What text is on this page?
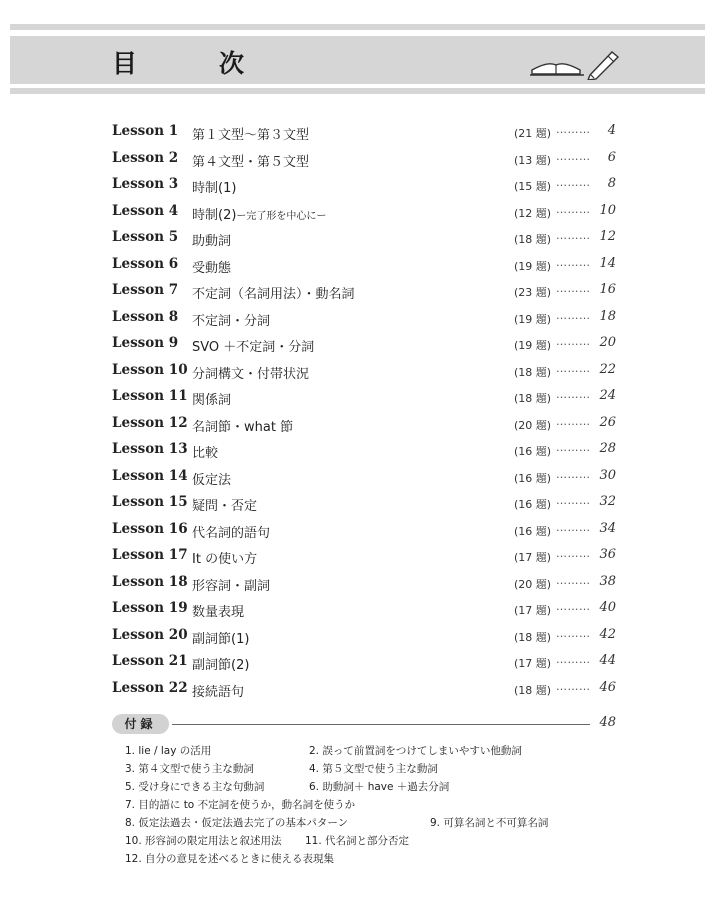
目	次
Lesson 1 第１文型～第３文型	(21 題) ……… 4
Lesson 2 第４文型・第５文型	(13 題) ……… 6
Lesson 3 時制(1)	(15 題) ……… 8
Lesson 4 時制(2)ー完了形を中心にー	(12 題) ……… 10
Lesson 5 助動詞	(18 題) ……… 12
Lesson 6 受動態	(19 題) ……… 14
Lesson 7 不定詞（名詞用法）・動名詞	(23 題) ……… 16
Lesson 8 不定詞・分詞	(19 題) ……… 18
Lesson 9 SVO ＋不定詞・分詞	(19 題) ……… 20
Lesson 10 分詞構文・付帯状況	(18 題) ……… 22
Lesson 11 関係詞	(18 題) ……… 24
Lesson 12 名詞節・what 節	(20 題) ……… 26
Lesson 13 比較	(16 題) ……… 28
Lesson 14 仮定法	(16 題) ……… 30
Lesson 15 疑問・否定	(16 題) ……… 32
Lesson 16 代名詞的語句	(16 題) ……… 34
Lesson 17 It の使い方	(17 題) ……… 36
Lesson 18 形容詞・副詞	(20 題) ……… 38
Lesson 19 数量表現	(17 題) ……… 40
Lesson 20 副詞節(1)	(18 題) ……… 42
Lesson 21 副詞節(2)	(17 題) ……… 44
Lesson 22 接続語句	(18 題) ……… 46
付録	48
1. lie / lay の活用	2. 誤って前置詞をつけてしまいやすい他動詞
3. 第４文型で使う主な動詞	4. 第５文型で使う主な動詞
5. 受け身にできる主な句動詞	6. 助動詞＋ have ＋過去分詞
7. 目的語に to 不定詞を使うか，動名詞を使うか
8. 仮定法過去・仮定法過去完了の基本パターン	9. 可算名詞と不可算名詞
10. 形容詞の限定用法と叙述用法 11. 代名詞と部分否定
12. 自分の意見を述べるときに使える表現集
